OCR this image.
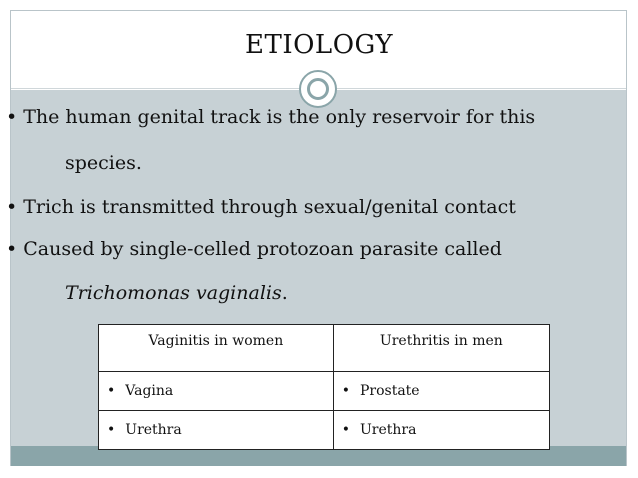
ETIOLOGY
• The human genital track is the only reservoir for this
species.
• Trich is transmitted through sexual/genital contact
• Caused by single-celled protozoan parasite called
Trichomonas vaginalis.
Vaginitis in women	Urethritis in men
• Vagina	• Prostate
• Urethra	• Urethra
